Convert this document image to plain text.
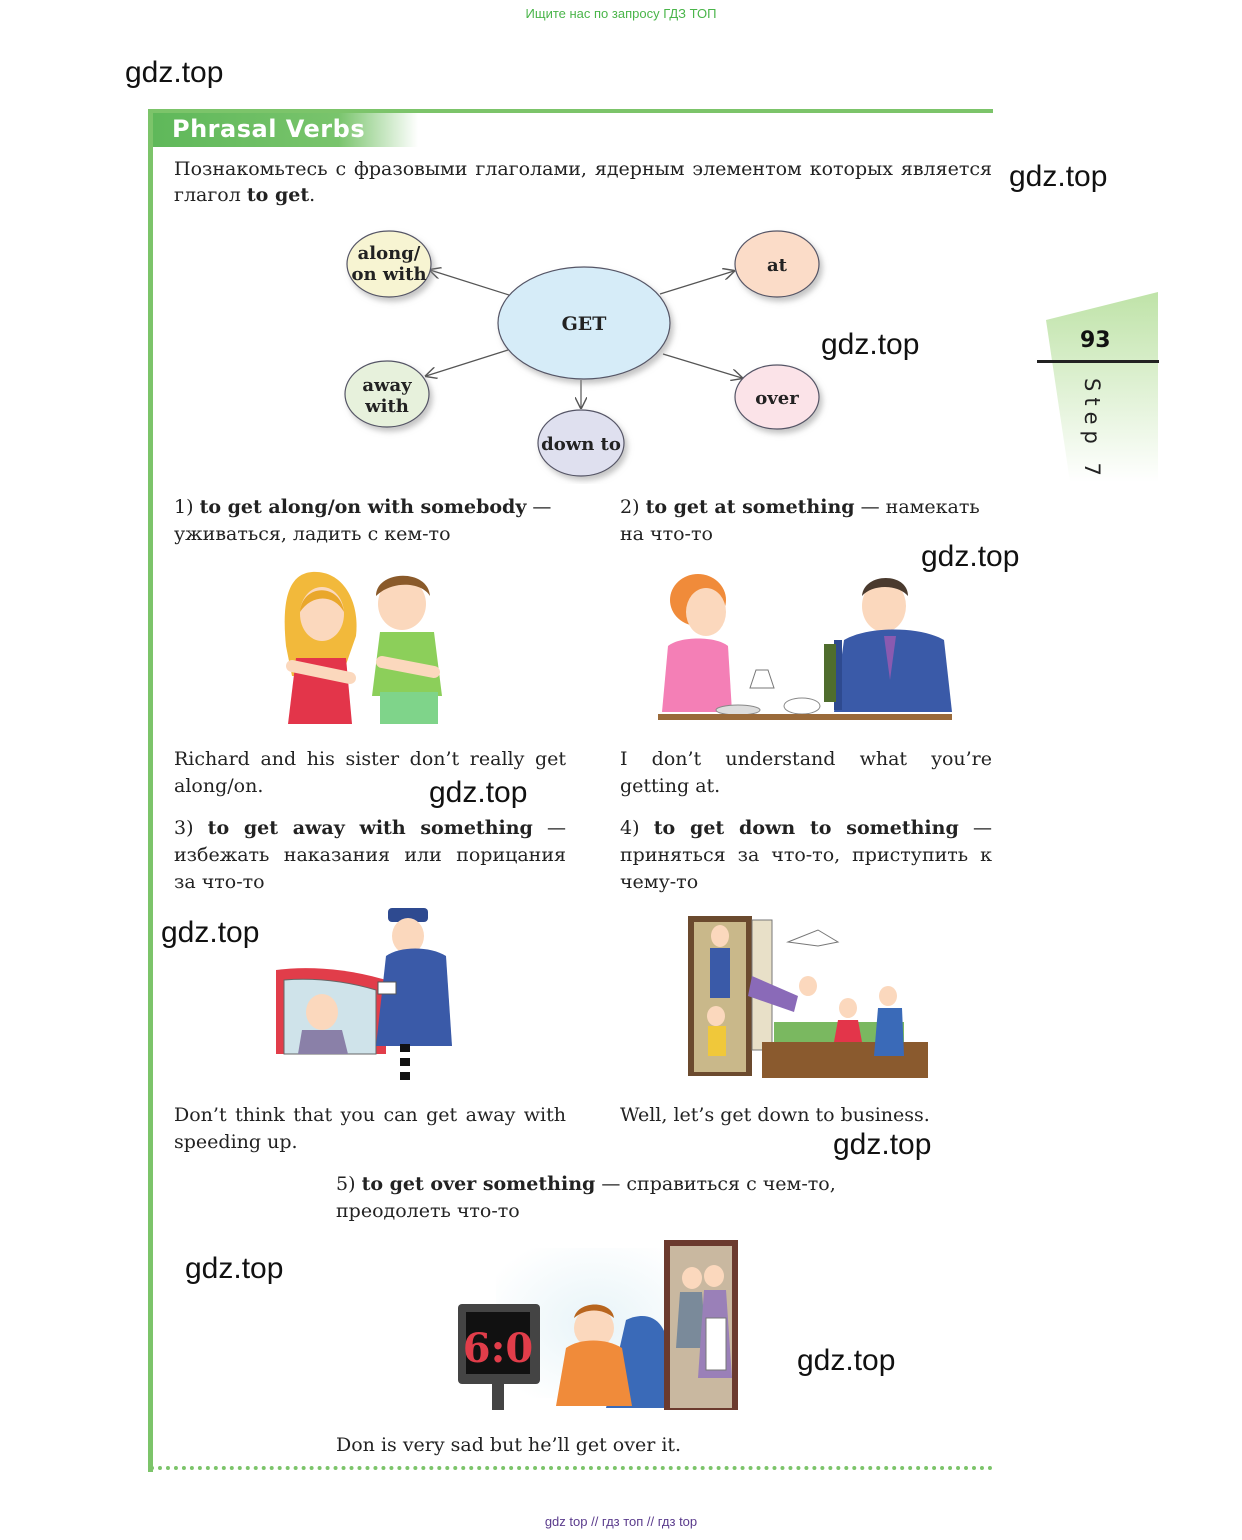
Ищите нас по запросу ГДЗ ТОП
gdz.top
gdz.top
gdz.top
gdz.top
gdz.top
gdz.top
gdz.top
gdz.top
gdz.top
Phrasal Verbs
Познакомьтесь с фразовыми глаголами, ядерным элементом которых является глагол to get.
93
Step 7
GET
along/
on with	at
away
with
down to
over
1) to get along/on with somebody — уживаться, ладить с кем-то
2) to get at something — намекать на что-то
Richard and his sister don’t really get along/on.
I don’t understand what you’re getting at.
3) to get away with something — избежать наказания или порицания за что-то
4) to get down to something — приняться за что-то, приступить к чему-то
Don’t think that you can get away with speeding up.
Well, let’s get down to business.
5) to get over something — справиться с чем-то, преодолеть что-то
6:0
Don is very sad but he’ll get over it.
gdz top // гдз топ // гдз top
